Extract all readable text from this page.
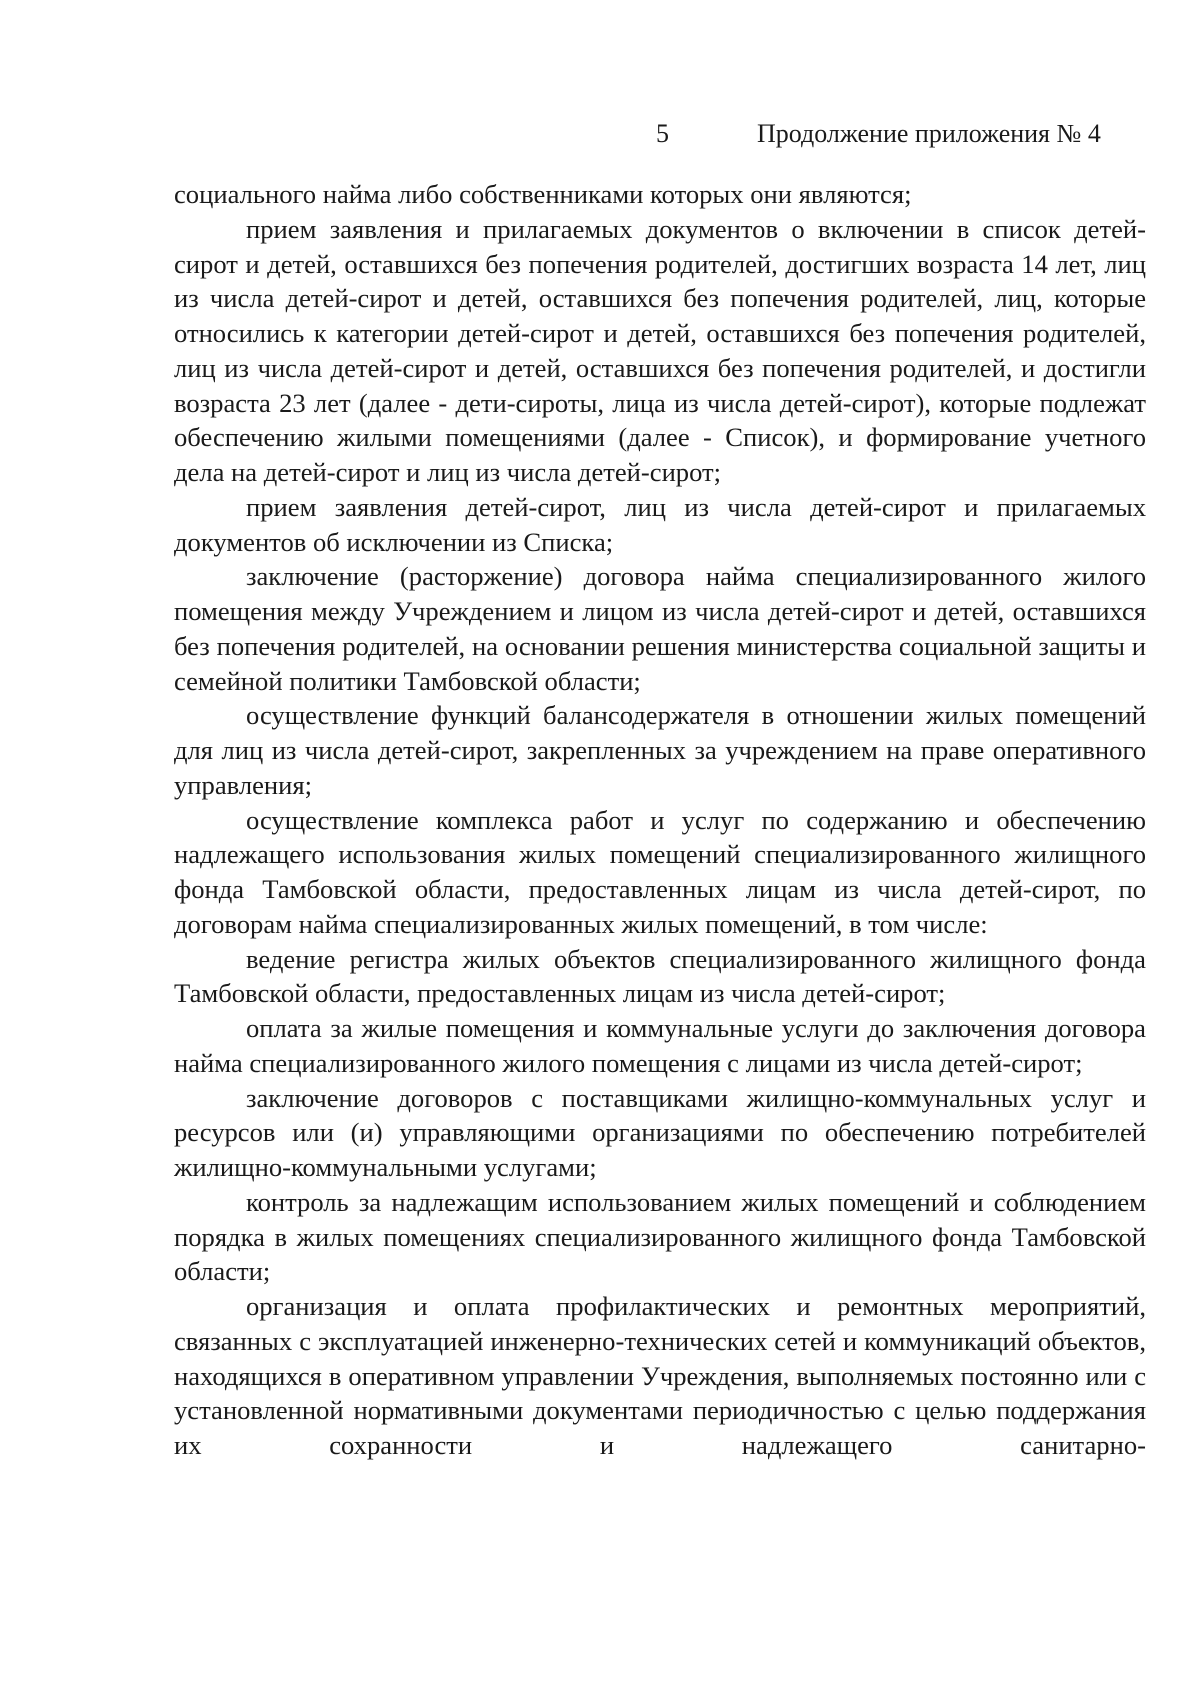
5	Продолжение приложения № 4

социального найма либо собственниками которых они являются;

прием заявления и прилагаемых документов о включении в список детей-сирот и детей, оставшихся без попечения родителей, достигших возраста 14 лет, лиц из числа детей-сирот и детей, оставшихся без попечения родителей, лиц, которые относились к категории детей-сирот и детей, оставшихся без попечения родителей, лиц из числа детей-сирот и детей, оставшихся без попечения родителей, и достигли возраста 23 лет (далее - дети-сироты, лица из числа детей-сирот), которые подлежат обеспечению жилыми помещениями (далее - Список), и формирование учетного дела на детей-сирот и лиц из числа детей-сирот;

прием заявления детей-сирот, лиц из числа детей-сирот и прилагаемых документов об исключении из Списка;

заключение (расторжение) договора найма специализированного жилого помещения между Учреждением и лицом из числа детей-сирот и детей, оставшихся без попечения родителей, на основании решения министерства социальной защиты и семейной политики Тамбовской области;

осуществление функций балансодержателя в отношении жилых помещений для лиц из числа детей-сирот, закрепленных за учреждением на праве оперативного управления;

осуществление комплекса работ и услуг по содержанию и обеспечению надлежащего использования жилых помещений специализированного жилищного фонда Тамбовской области, предоставленных лицам из числа детей-сирот, по договорам найма специализированных жилых помещений, в том числе:

ведение регистра жилых объектов специализированного жилищного фонда Тамбовской области, предоставленных лицам из числа детей-сирот;

оплата за жилые помещения и коммунальные услуги до заключения договора найма специализированного жилого помещения с лицами из числа детей-сирот;

заключение договоров с поставщиками жилищно-коммунальных услуг и ресурсов или (и) управляющими организациями по обеспечению потребителей жилищно-коммунальными услугами;

контроль за надлежащим использованием жилых помещений и соблюдением порядка в жилых помещениях специализированного жилищного фонда Тамбовской области;

организация и оплата профилактических и ремонтных мероприятий, связанных с эксплуатацией инженерно-технических сетей и коммуникаций объектов, находящихся в оперативном управлении Учреждения, выполняемых постоянно или с установленной нормативными документами периодичностью с целью поддержания их сохранности и надлежащего санитарно-
